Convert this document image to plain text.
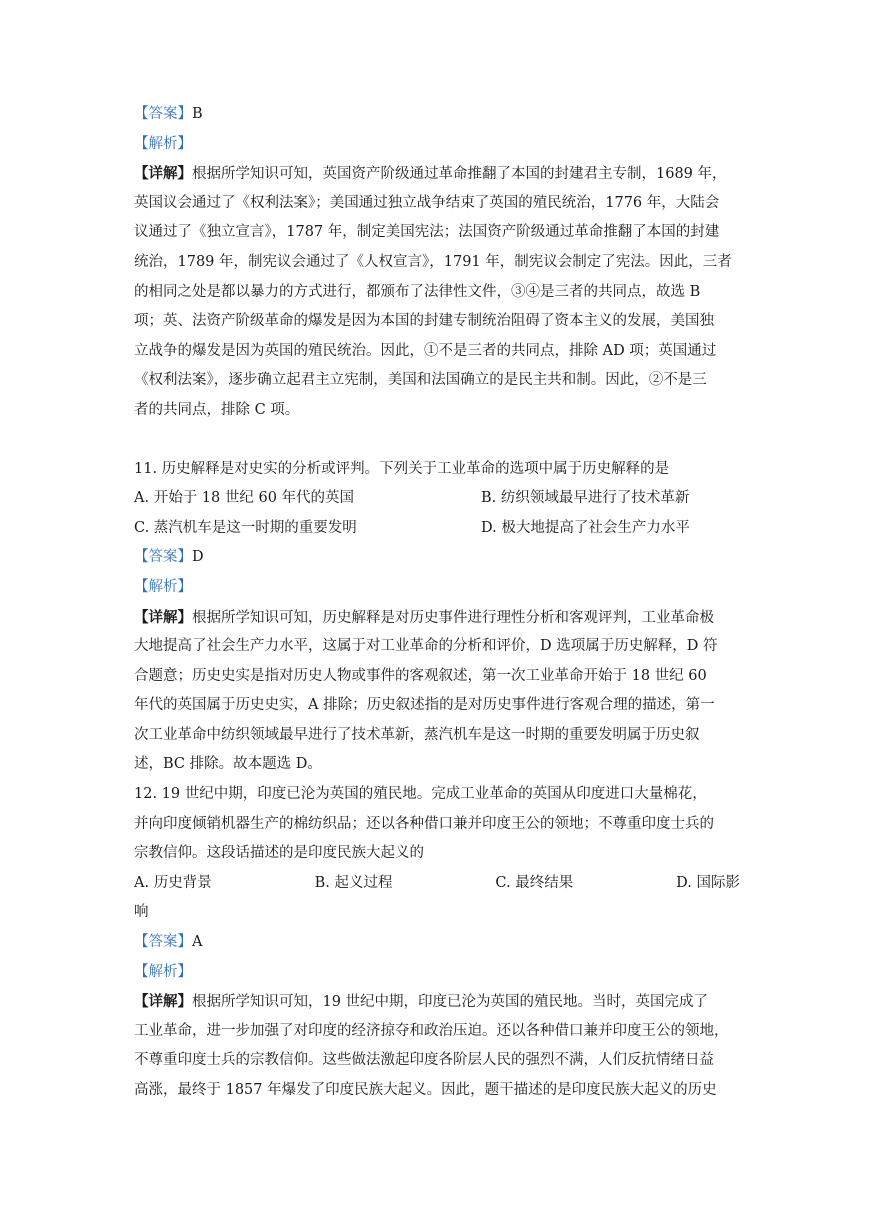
【答案】B
【解析】
【详解】根据所学知识可知，英国资产阶级通过革命推翻了本国的封建君主专制，1689 年，
英国议会通过了《权利法案》；美国通过独立战争结束了英国的殖民统治，1776 年，大陆会
议通过了《独立宣言》，1787 年，制定美国宪法；法国资产阶级通过革命推翻了本国的封建
统治，1789 年，制宪议会通过了《人权宣言》，1791 年，制宪议会制定了宪法。因此，三者
的相同之处是都以暴力的方式进行，都颁布了法律性文件，③④是三者的共同点，故选 B
项；英、法资产阶级革命的爆发是因为本国的封建专制统治阻碍了资本主义的发展，美国独
立战争的爆发是因为英国的殖民统治。因此，①不是三者的共同点，排除 AD 项；英国通过
《权利法案》，逐步确立起君主立宪制，美国和法国确立的是民主共和制。因此，②不是三
者的共同点，排除 C 项。
11. 历史解释是对史实的分析或评判。下列关于工业革命的选项中属于历史解释的是
A. 开始于 18 世纪 60 年代的英国	B. 纺织领域最早进行了技术革新
C. 蒸汽机车是这一时期的重要发明	D. 极大地提高了社会生产力水平
【答案】D
【解析】
【详解】根据所学知识可知，历史解释是对历史事件进行理性分析和客观评判，工业革命极
大地提高了社会生产力水平，这属于对工业革命的分析和评价，D 选项属于历史解释，D 符
合题意；历史史实是指对历史人物或事件的客观叙述，第一次工业革命开始于 18 世纪 60
年代的英国属于历史史实，A 排除；历史叙述指的是对历史事件进行客观合理的描述，第一
次工业革命中纺织领域最早进行了技术革新，蒸汽机车是这一时期的重要发明属于历史叙
述，BC 排除。故本题选 D。
12. 19 世纪中期，印度已沦为英国的殖民地。完成工业革命的英国从印度进口大量棉花，
并向印度倾销机器生产的棉纺织品；还以各种借口兼并印度王公的领地；不尊重印度士兵的
宗教信仰。这段话描述的是印度民族大起义的
A. 历史背景	B. 起义过程	C. 最终结果	D. 国际影
响
【答案】A
【解析】
【详解】根据所学知识可知，19 世纪中期，印度已沦为英国的殖民地。当时，英国完成了
工业革命，进一步加强了对印度的经济掠夺和政治压迫。还以各种借口兼并印度王公的领地，
不尊重印度士兵的宗教信仰。这些做法激起印度各阶层人民的强烈不满，人们反抗情绪日益
高涨，最终于 1857 年爆发了印度民族大起义。因此，题干描述的是印度民族大起义的历史
